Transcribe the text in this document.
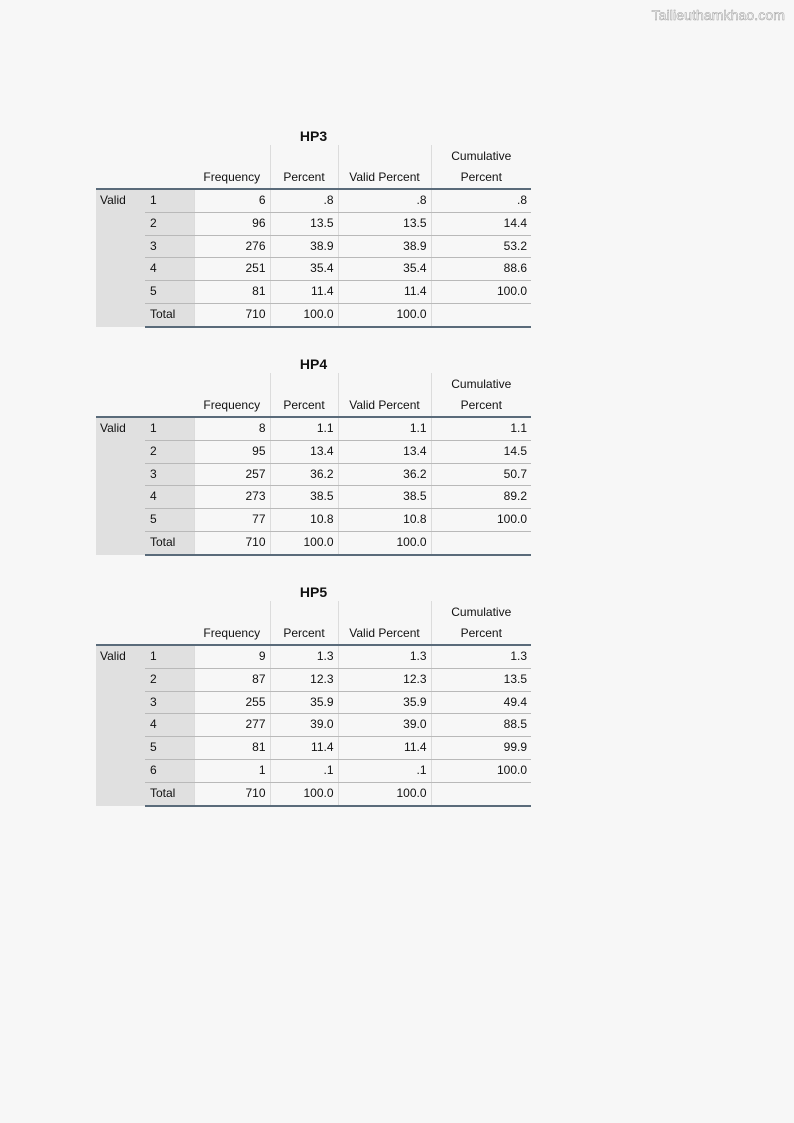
Tailieuthamkhao.com
HP3

		Frequency	Percent	Valid Percent	Cumulative
Percent

Valid	1	6	.8	.8	.8
	2	96	13.5	13.5	14.4
	3	276	38.9	38.9	53.2
	4	251	35.4	35.4	88.6
	5	81	11.4	11.4	100.0
	Total	710	100.0	100.0	
HP4

		Frequency	Percent	Valid Percent	Cumulative
Percent

Valid	1	8	1.1	1.1	1.1
	2	95	13.4	13.4	14.5
	3	257	36.2	36.2	50.7
	4	273	38.5	38.5	89.2
	5	77	10.8	10.8	100.0
	Total	710	100.0	100.0	
HP5

		Frequency	Percent	Valid Percent	Cumulative
Percent

Valid	1	9	1.3	1.3	1.3
	2	87	12.3	12.3	13.5
	3	255	35.9	35.9	49.4
	4	277	39.0	39.0	88.5
	5	81	11.4	11.4	99.9
	6	1	.1	.1	100.0
	Total	710	100.0	100.0	
